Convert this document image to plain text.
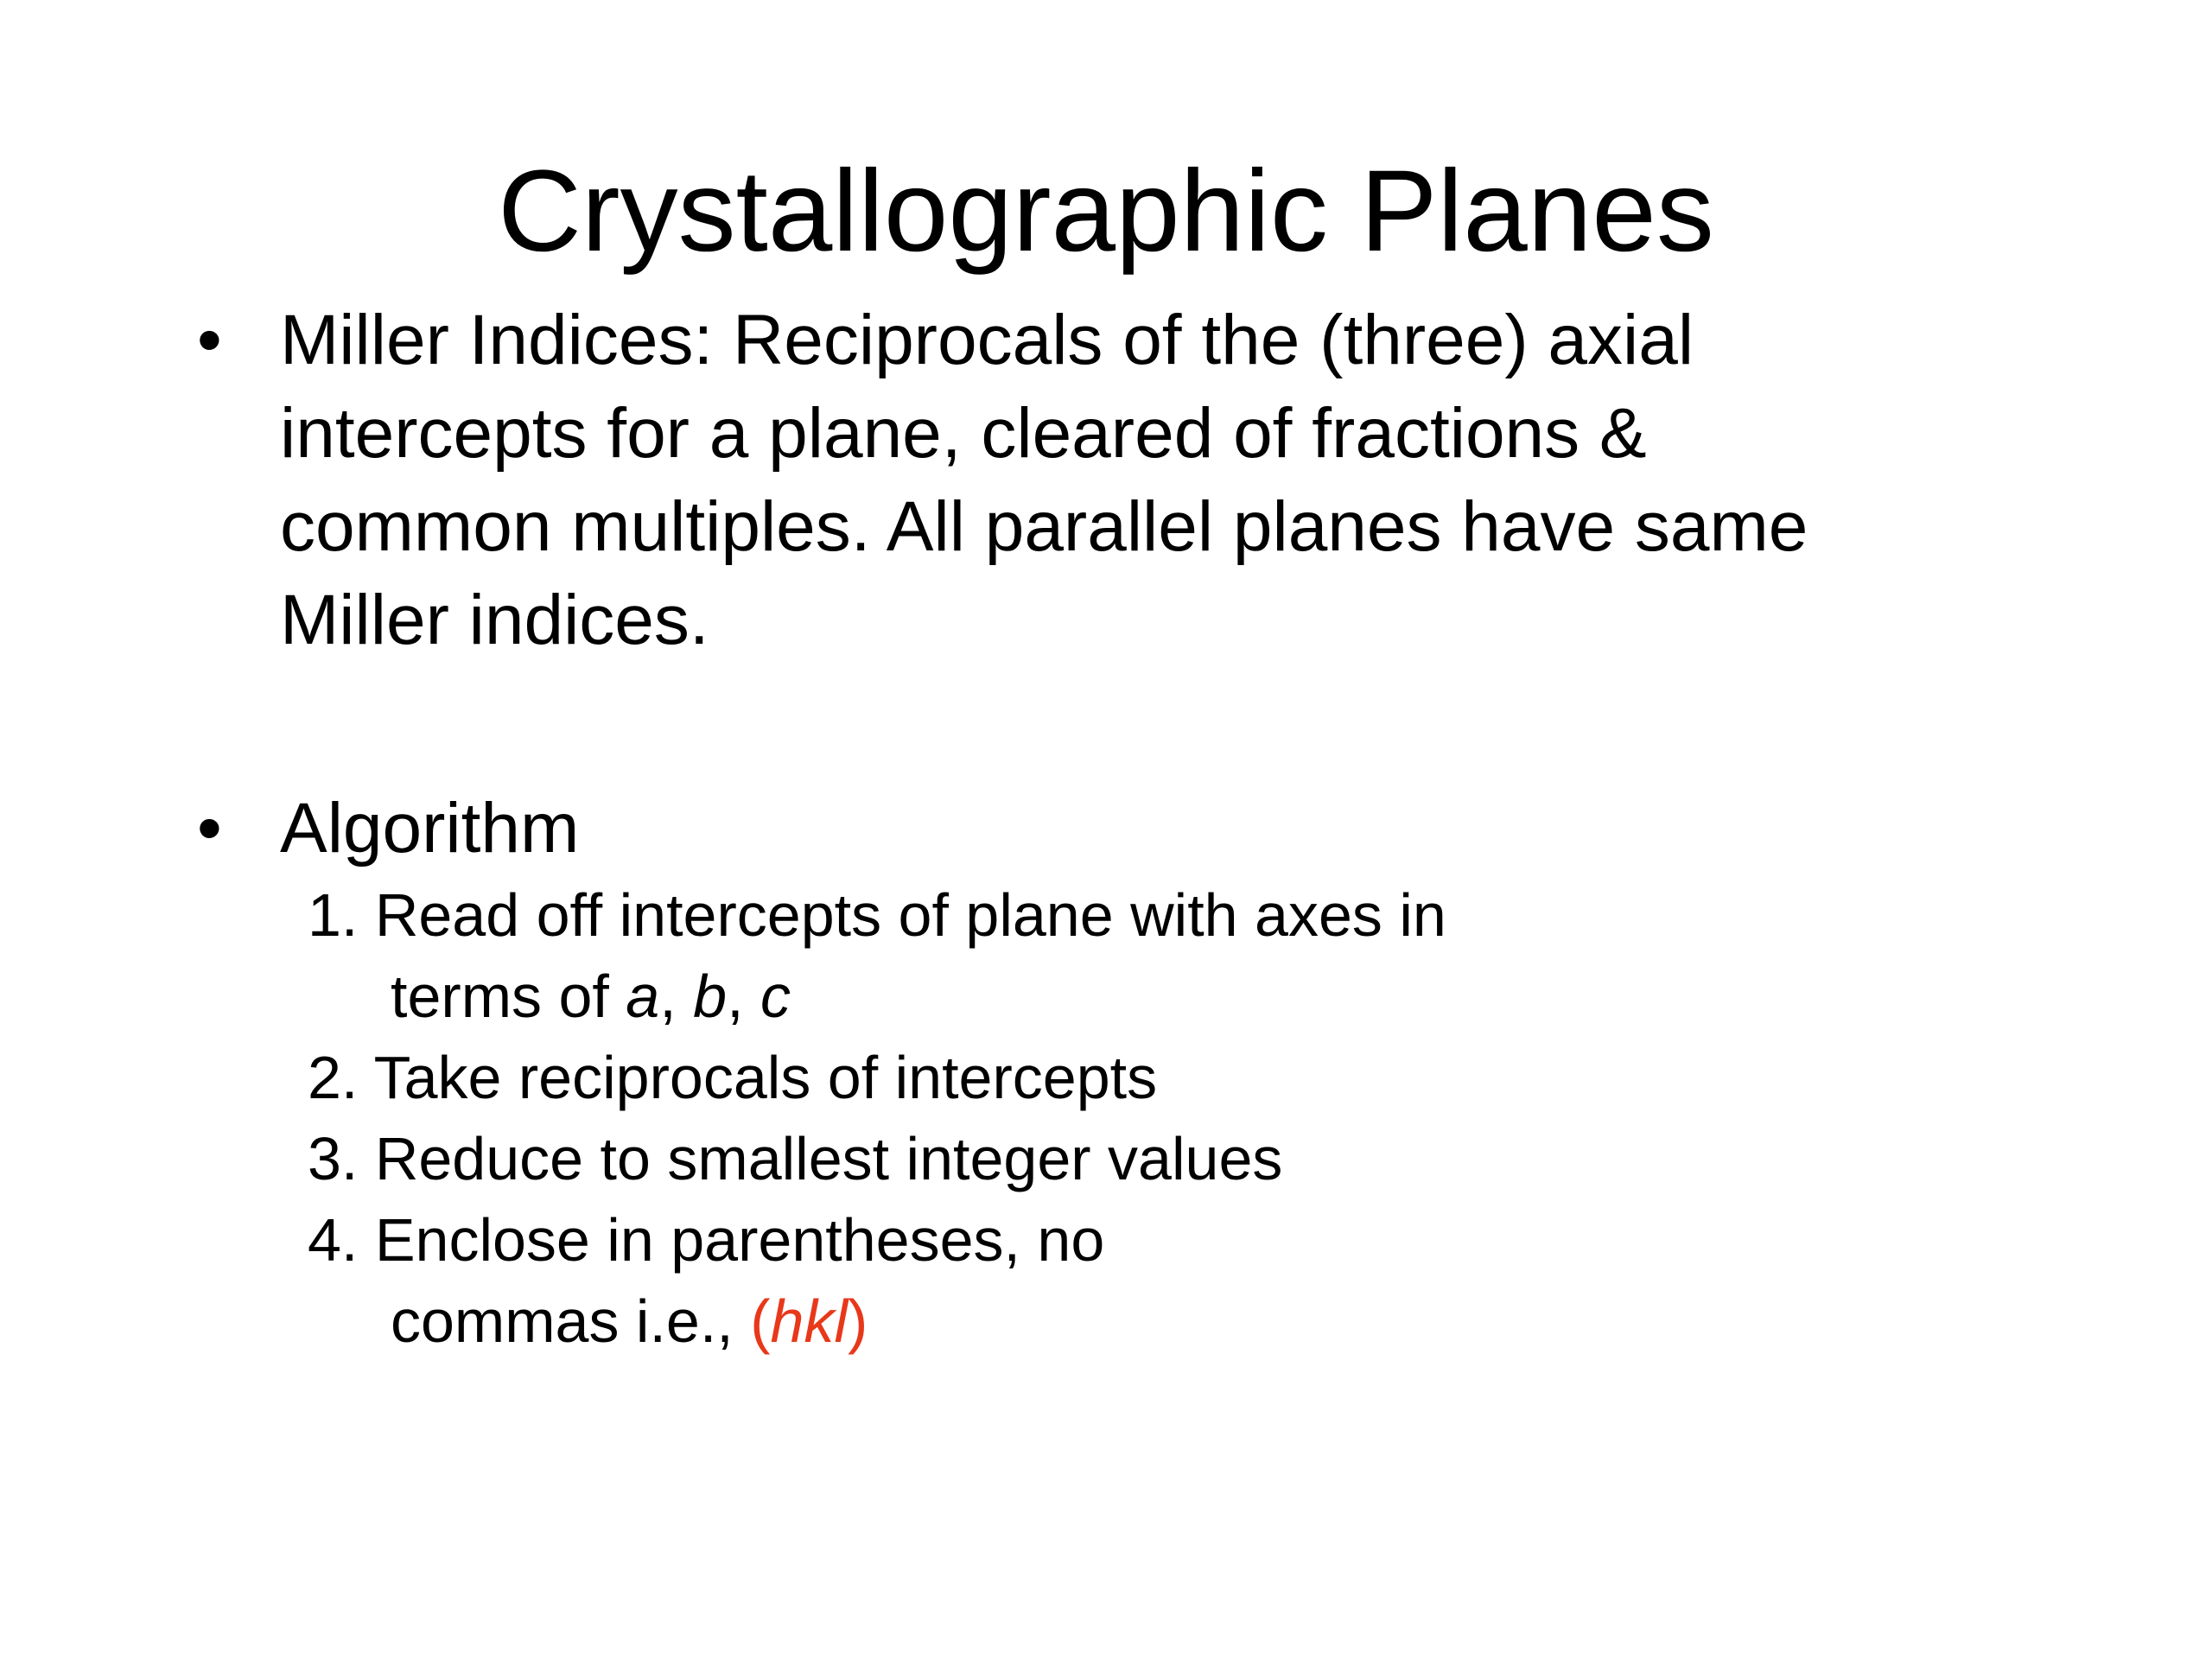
Crystallographic Planes
• Miller Indices: Reciprocals of the (three) axial
intercepts for a plane, cleared of fractions &
common multiples. All parallel planes have same
Miller indices.
• Algorithm
1. Read off intercepts of plane with axes in
terms of a, b, c
2. Take reciprocals of intercepts
3. Reduce to smallest integer values
4. Enclose in parentheses, no
commas i.e., (hkl)
